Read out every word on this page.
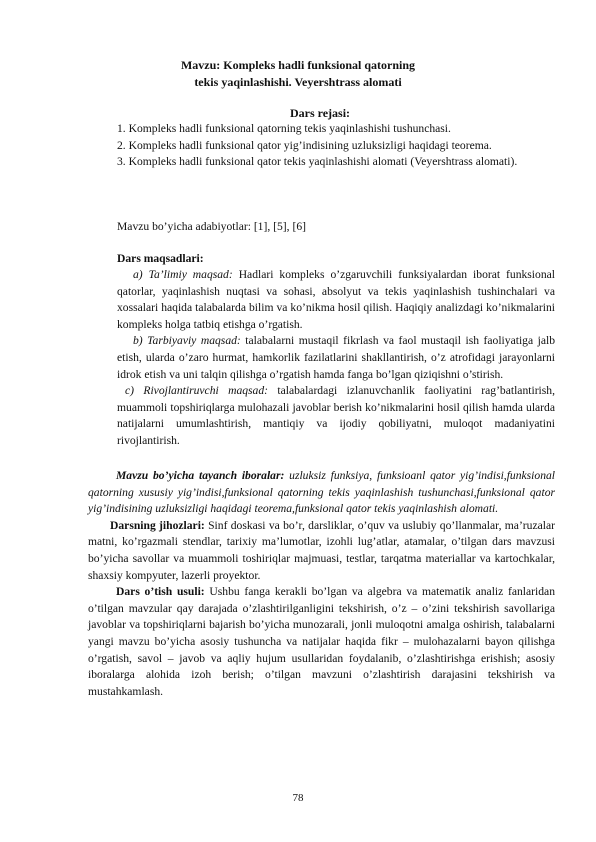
Mavzu: Kompleks hadli funksional qatorning
tekis yaqinlashishi. Veyershtrass alomati
Dars rejasi:

1. Kompleks hadli funksional qatorning tekis yaqinlashishi tushunchasi.

2. Kompleks hadli funksional qator yig’indisining uzluksizligi haqidagi teorema.

3. Kompleks hadli funksional qator tekis yaqinlashishi alomati (Veyershtrass alomati).

Mavzu bo’yicha adabiyotlar: [1], [5], [6]
Dars maqsadlari:

a) Ta’limiy maqsad: Hadlari kompleks o’zgaruvchili funksiyalardan iborat funksional qatorlar, yaqinlashish nuqtasi va sohasi, absolyut va tekis yaqinlashish tushinchalari va xossalari haqida talabalarda bilim va ko’nikma hosil qilish. Haqiqiy analizdagi ko’nikmalarini kompleks holga tatbiq etishga o’rgatish.

b) Tarbiyaviy maqsad: talabalarni mustaqil fikrlash va faol mustaqil ish faoliyatiga jalb etish, ularda o’zaro hurmat, hamkorlik fazilatlarini shakllantirish, o’z atrofidagi jarayonlarni idrok etish va uni talqin qilishga o’rgatish hamda fanga bo’lgan qiziqishni o’stirish.

c) Rivojlantiruvchi maqsad: talabalardagi izlanuvchanlik faoliyatini rag’batlantirish, muammoli topshiriqlarga mulohazali javoblar berish ko’nikmalarini hosil qilish hamda ularda natijalarni umumlashtirish, mantiqiy va ijodiy qobiliyatni, muloqot madaniyatini rivojlantirish.

Mavzu bo’yicha tayanch iboralar: uzluksiz funksiya, funksioanl qator yig’indisi,funksional qatorning xususiy yig’indisi,funksional qatorning tekis yaqinlashish tushunchasi,funksional qator yig’indisining uzluksizligi haqidagi teorema,funksional qator tekis yaqinlashish alomati.

Darsning jihozlari: Sinf doskasi va bo’r, darsliklar, o’quv va uslubiy qo’llanmalar, ma’ruzalar matni, ko’rgazmali stendlar, tarixiy ma’lumotlar, izohli lug’atlar, atamalar, o’tilgan dars mavzusi bo’yicha savollar va muammoli toshiriqlar majmuasi, testlar, tarqatma materiallar va kartochkalar, shaxsiy kompyuter, lazerli proyektor.

Dars o’tish usuli: Ushbu fanga kerakli bo’lgan va algebra va matematik analiz fanlaridan o’tilgan mavzular qay darajada o’zlashtirilganligini tekshirish, o’z – o’zini tekshirish savollariga javoblar va topshiriqlarni bajarish bo’yicha munozarali, jonli muloqotni amalga oshirish, talabalarni yangi mavzu bo’yicha asosiy tushuncha va natijalar haqida fikr – mulohazalarni bayon qilishga o’rgatish, savol – javob va aqliy hujum usullaridan foydalanib, o’zlashtirishga erishish; asosiy iboralarga alohida izoh berish; o’tilgan mavzuni o’zlashtirish darajasini tekshirish va mustahkamlash.

78
